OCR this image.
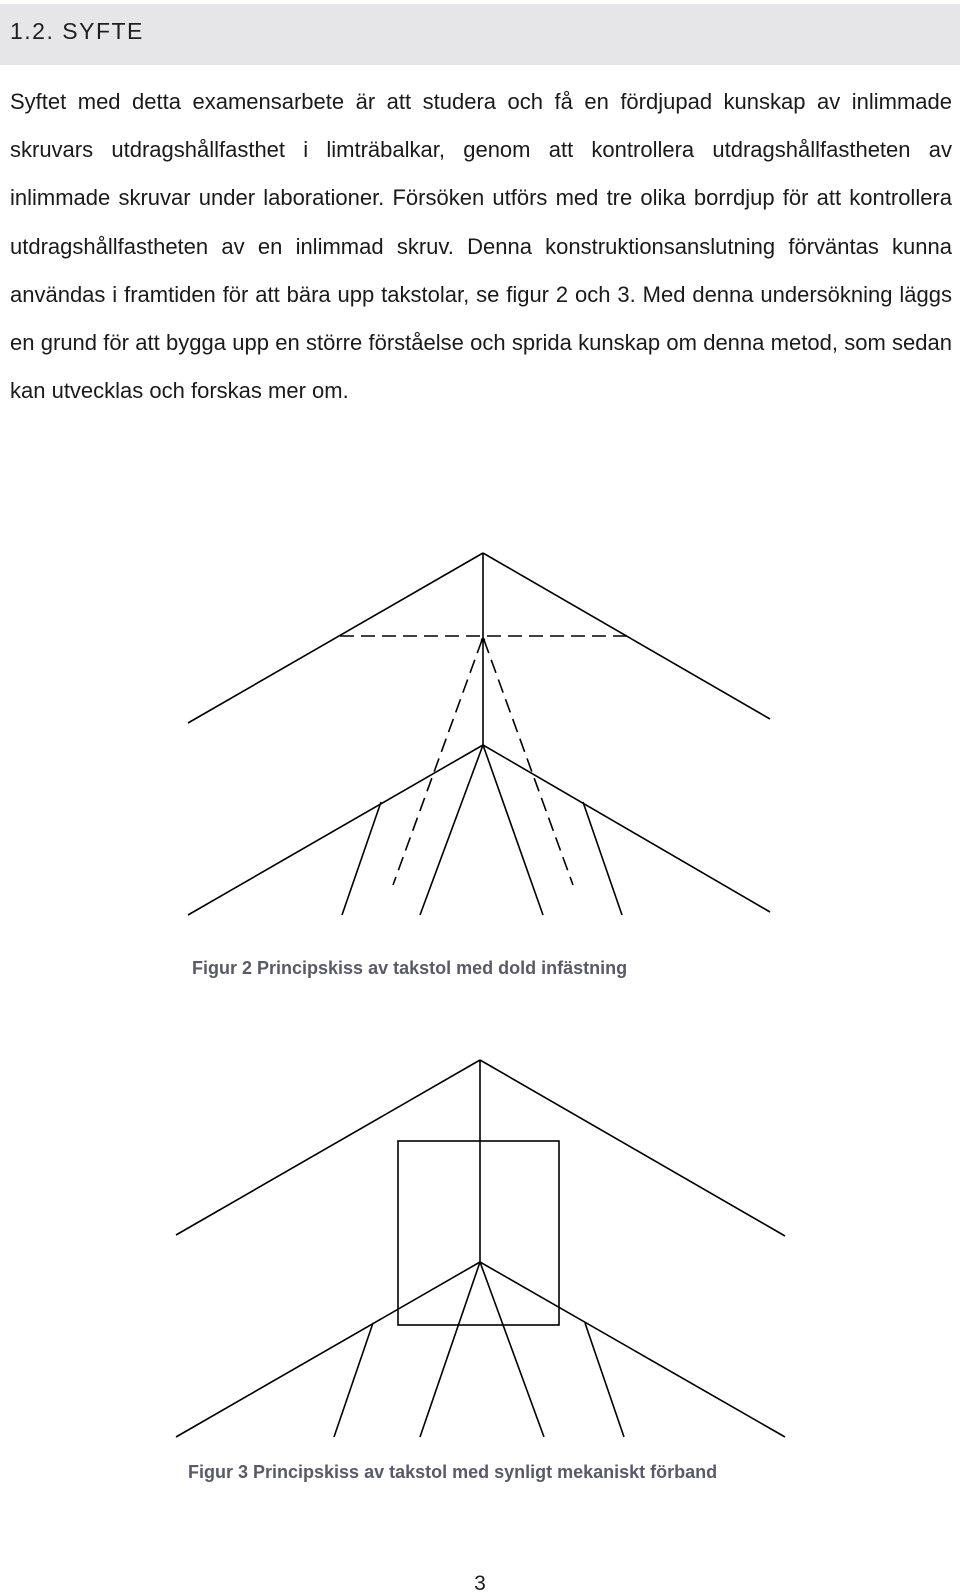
1.2. SYFTE

Syftet med detta examensarbete är att studera och få en fördjupad kunskap av inlimmade skruvars utdragshållfasthet i limträbalkar, genom att kontrollera utdragshållfastheten av inlimmade skruvar under laborationer. Försöken utförs med tre olika borrdjup för att kontrollera utdragshållfastheten av en inlimmad skruv. Denna konstruktionsanslutning förväntas kunna användas i framtiden för att bära upp takstolar, se figur 2 och 3. Med denna undersökning läggs en grund för att bygga upp en större förståelse och sprida kunskap om denna metod, som sedan kan utvecklas och forskas mer om.

Figur 2 Principskiss av takstol med dold infästning
Figur 3 Principskiss av takstol med synligt mekaniskt förband
3
